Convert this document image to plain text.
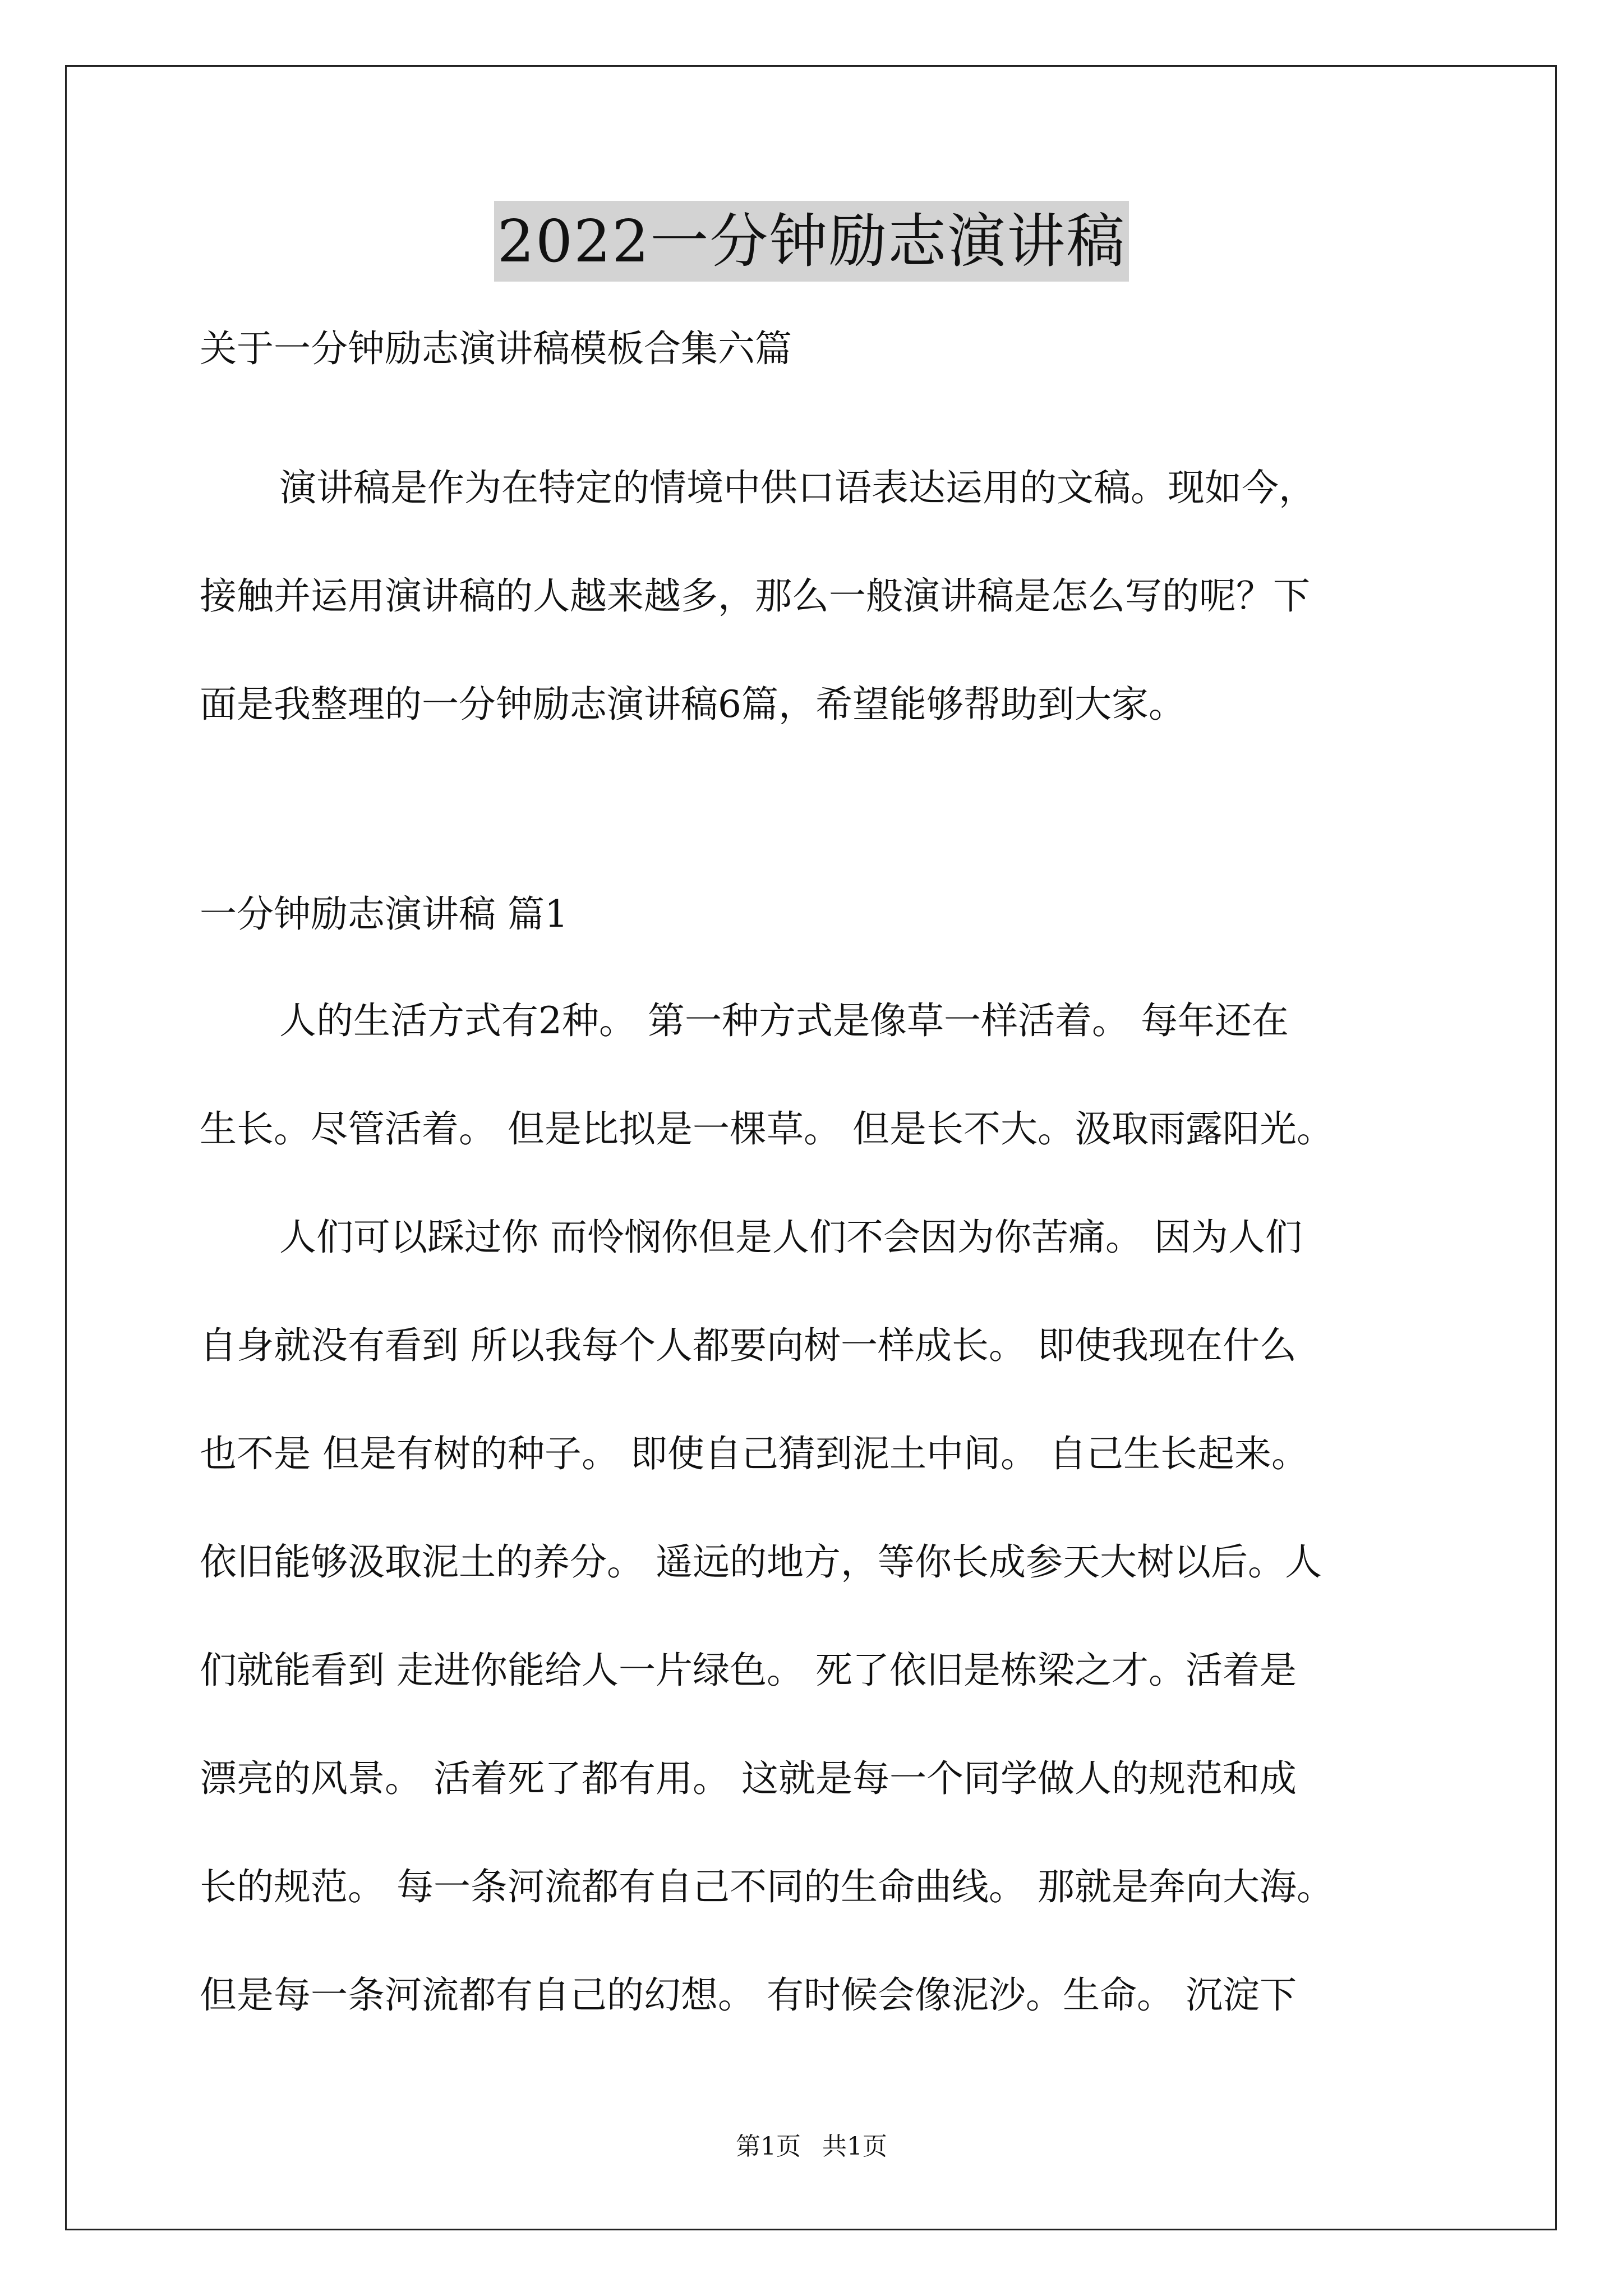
2022一分钟励志演讲稿
关于一分钟励志演讲稿模板合集六篇
演讲稿是作为在特定的情境中供口语表达运用的文稿。现如今，
接触并运用演讲稿的人越来越多，那么一般演讲稿是怎么写的呢？下
面是我整理的一分钟励志演讲稿6篇，希望能够帮助到大家。
一分钟励志演讲稿 篇1
人的生活方式有2种。 第一种方式是像草一样活着。 每年还在
生长。尽管活着。 但是比拟是一棵草。 但是长不大。汲取雨露阳光。
人们可以踩过你 而怜悯你但是人们不会因为你苦痛。 因为人们
自身就没有看到 所以我每个人都要向树一样成长。 即使我现在什么
也不是 但是有树的种子。 即使自己猜到泥土中间。 自己生长起来。
依旧能够汲取泥土的养分。 遥远的地方，等你长成参天大树以后。人
们就能看到 走进你能给人一片绿色。 死了依旧是栋梁之才。活着是
漂亮的风景。 活着死了都有用。 这就是每一个同学做人的规范和成
长的规范。 每一条河流都有自己不同的生命曲线。 那就是奔向大海。
但是每一条河流都有自己的幻想。 有时候会像泥沙。生命。 沉淀下
第1页 共1页
